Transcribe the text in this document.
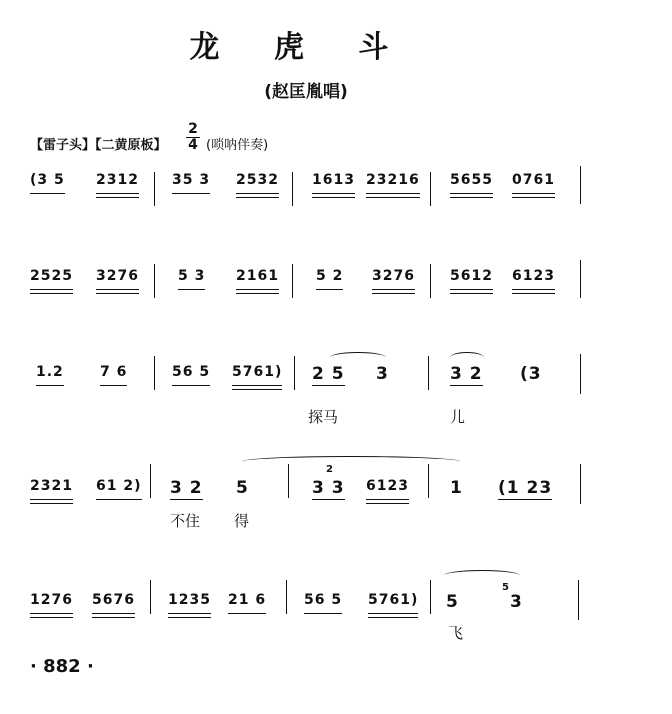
龙 虎 斗
(赵匡胤唱)
【雷子头】【二黄原板】
2
4 (唢呐伴奏)
(3 5 2312 35 3 2532 1613 23216 5655 0761
2525 3276	5 3 2161	5 2 3276	5612 6123
1.2	7 6	56 5 5761) 2 5 3	3 2 (3
探马	儿
2321 61 2) 3 2 5	3 3
2
6123 1 (1 23
不住 得
1276 5676 1235 21 6	56 5 5761) 5
5
3
飞
· 882 ·
